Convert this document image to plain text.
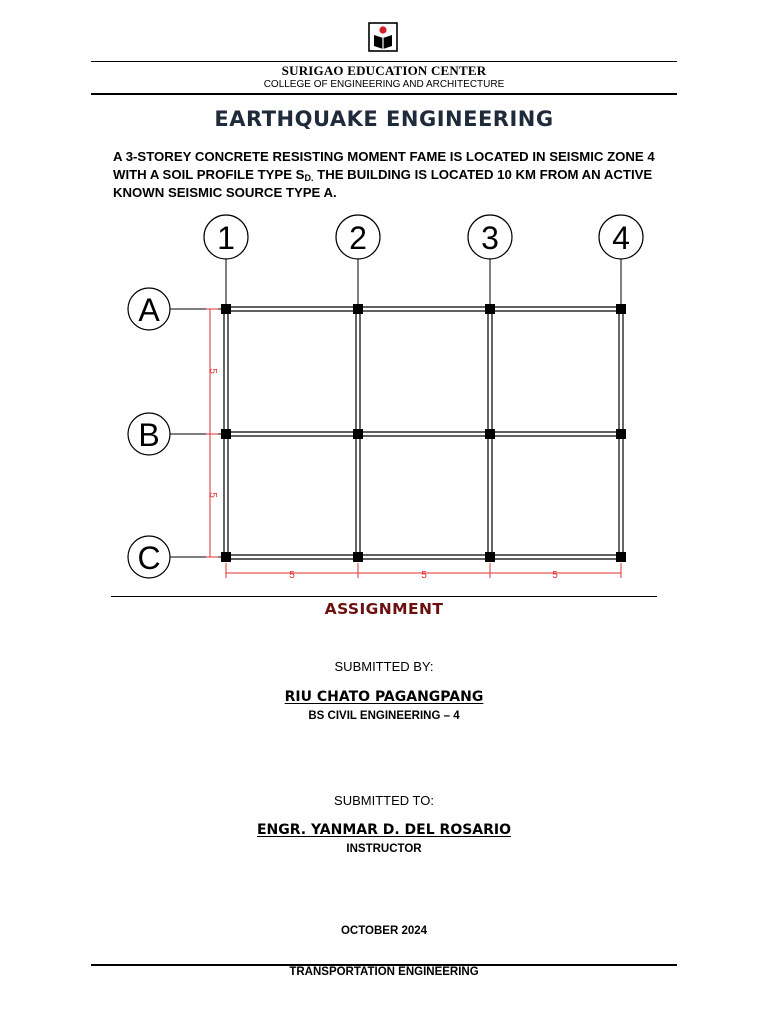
SURIGAO EDUCATION CENTER
COLLEGE OF ENGINEERING AND ARCHITECTURE
EARTHQUAKE ENGINEERING
A 3-STOREY CONCRETE RESISTING MOMENT FAME IS LOCATED IN SEISMIC ZONE 4
WITH A SOIL PROFILE TYPE $S_{D.}$ THE BUILDING IS LOCATED 10 KM FROM AN ACTIVE
KNOWN SEISMIC SOURCE TYPE A.
1	2	3	4
A
B
C	5	5	5
5
5
ASSIGNMENT
SUBMITTED BY:
RIU CHATO PAGANGPANG
BS CIVIL ENGINEERING – 4
SUBMITTED TO:
ENGR. YANMAR D. DEL ROSARIO
INSTRUCTOR
OCTOBER 2024
TRANSPORTATION ENGINEERING
